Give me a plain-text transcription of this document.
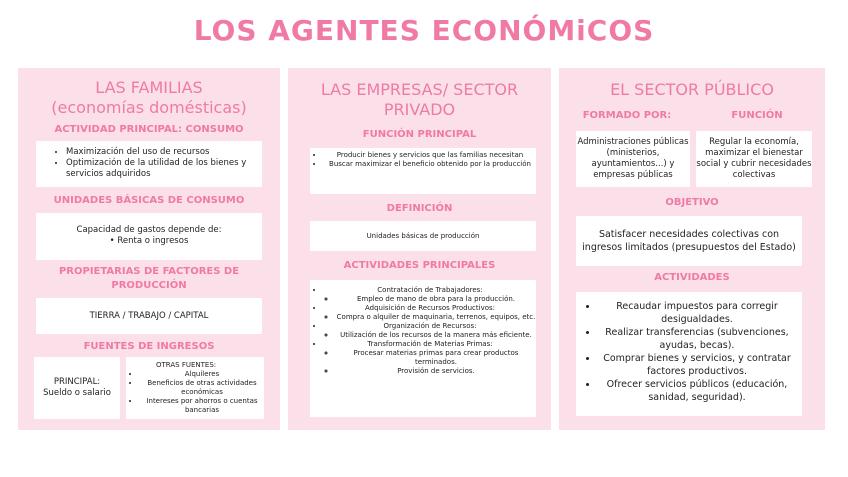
LOS AGENTES ECONÓMiCOS
LAS FAMILIAS
(economías domésticas)
ACTIVIDAD PRINCIPAL: CONSUMO
• Maximización del uso de recursos
• Optimización de la utilidad de los bienes y servicios adquiridos
UNIDADES BÁSICAS DE CONSUMO
Capacidad de gastos depende de:
• Renta o ingresos
PROPIETARIAS DE FACTORES DE
PRODUCCIÓN
TIERRA / TRABAJO / CAPITAL
FUENTES DE INGRESOS
PRINCIPAL:
Sueldo o salario
OTRAS FUENTES:
• Alquileres
• Beneficios de otras actividades económicas
• Intereses por ahorros o cuentas bancarias
LAS EMPRESAS/ SECTOR
PRIVADO
FUNCIÓN PRINCIPAL
• Producir bienes y servicios que las familias necesitan
• Buscar maximizar el beneficio obtenido por la producción
DEFINICIÓN
Unidades básicas de producción
ACTIVIDADES PRINCIPALES
• Contratación de Trabajadores:
◦ Empleo de mano de obra para la producción.
• Adquisición de Recursos Productivos:
◦ Compra o alquiler de maquinaria, terrenos, equipos, etc.
• Organización de Recursos:
◦ Utilización de los recursos de la manera más eficiente.
• Transformación de Materias Primas:
◦ Procesar materias primas para crear productos terminados.
◦ Provisión de servicios.
EL SECTOR PÚBLICO
FORMADO POR:	FUNCIÓN
Administraciones públicas (ministerios, ayuntamientos...) y empresas públicas
Regular la economía, maximizar el bienestar social y cubrir necesidades colectivas
OBJETIVO
Satisfacer necesidades colectivas con ingresos limitados (presupuestos del Estado)
ACTIVIDADES
• Recaudar impuestos para corregir desigualdades.
• Realizar transferencias (subvenciones, ayudas, becas).
• Comprar bienes y servicios, y contratar factores productivos.
• Ofrecer servicios públicos (educación, sanidad, seguridad).
